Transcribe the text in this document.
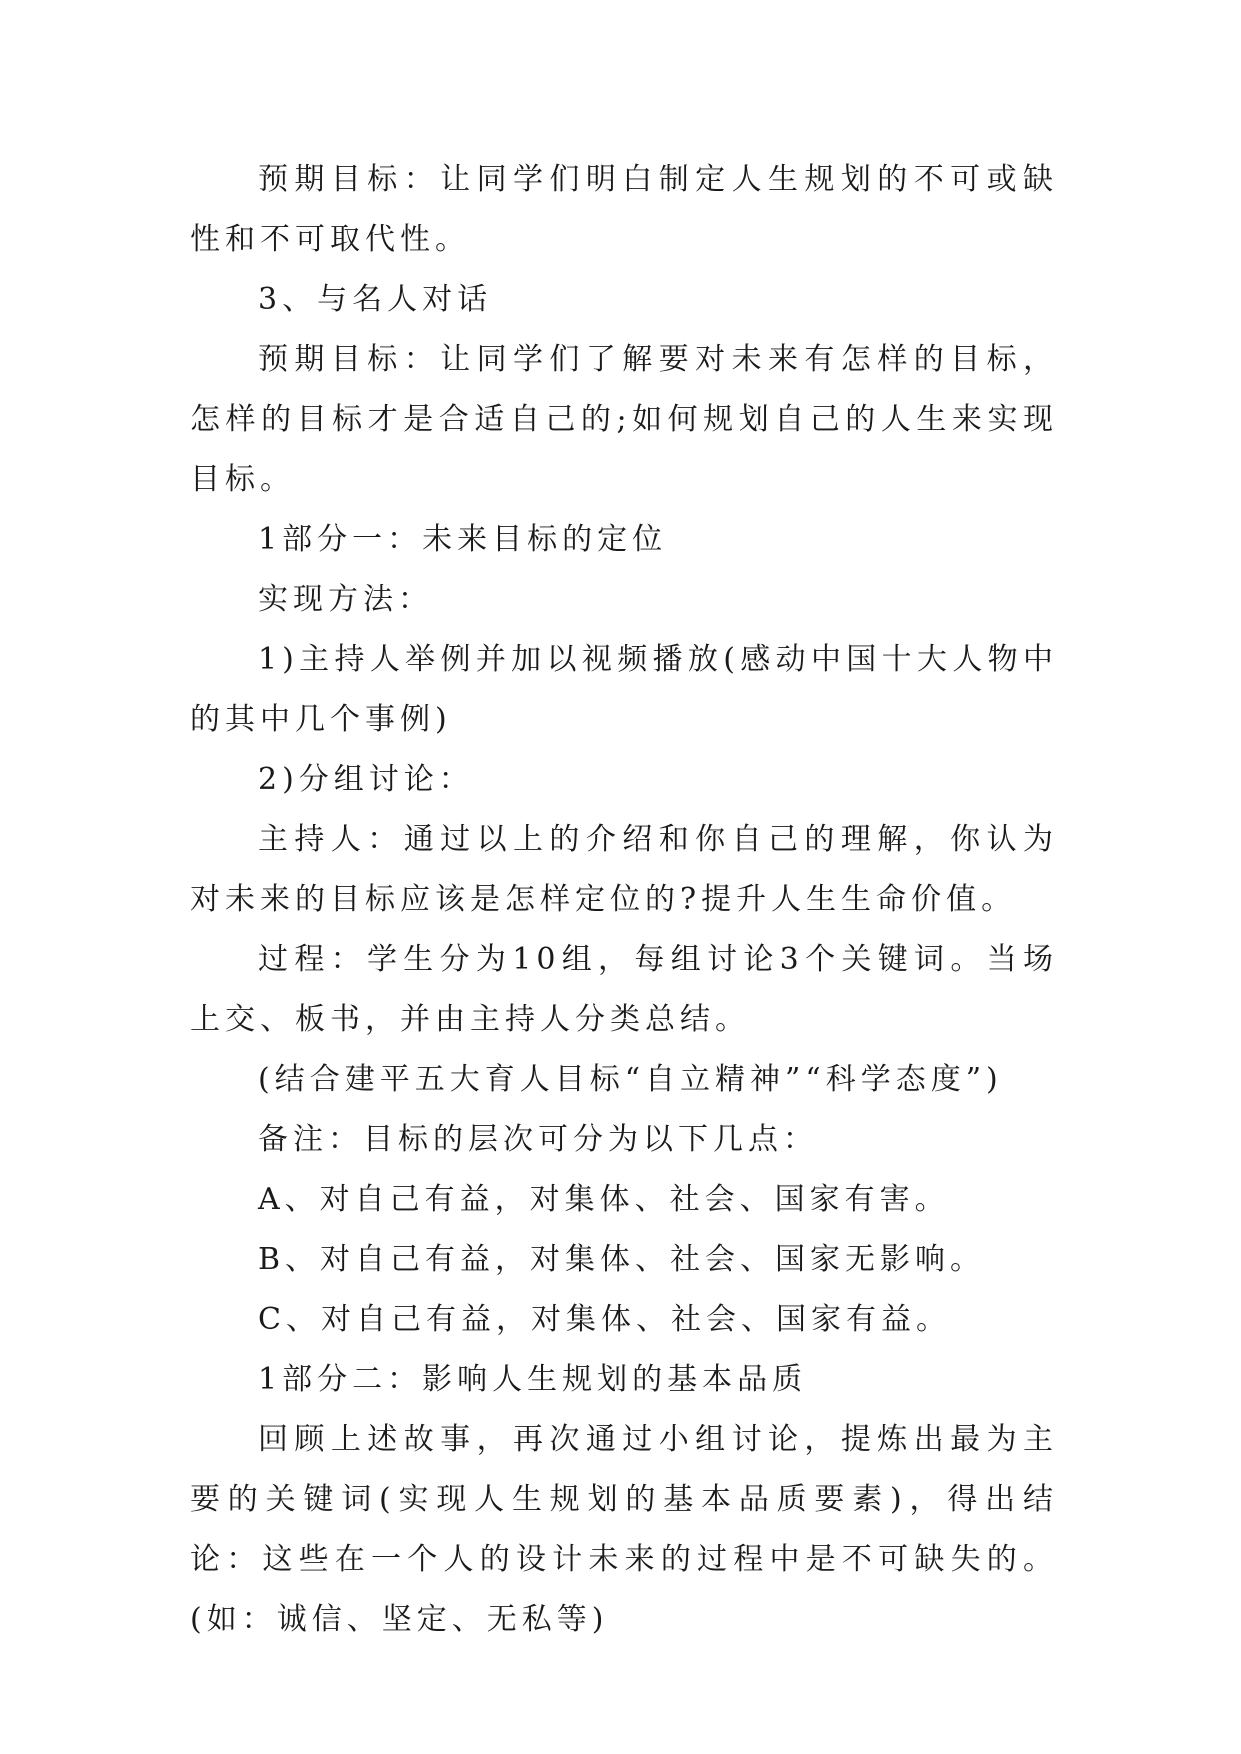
预期目标：让同学们明白制定人生规划的不可或缺性和不可取代性。

3、与名人对话

预期目标：让同学们了解要对未来有怎样的目标，怎样的目标才是合适自己的;如何规划自己的人生来实现目标。

1部分一：未来目标的定位

实现方法：

1)主持人举例并加以视频播放(感动中国十大人物中的其中几个事例)

2)分组讨论：

主持人：通过以上的介绍和你自己的理解，你认为对未来的目标应该是怎样定位的?提升人生生命价值。

过程：学生分为10组，每组讨论3个关键词。当场上交、板书，并由主持人分类总结。

(结合建平五大育人目标“自立精神”“科学态度”)

备注：目标的层次可分为以下几点：

A、对自己有益，对集体、社会、国家有害。

B、对自己有益，对集体、社会、国家无影响。

C、对自己有益，对集体、社会、国家有益。

1部分二：影响人生规划的基本品质

回顾上述故事，再次通过小组讨论，提炼出最为主要的关键词(实现人生规划的基本品质要素)，得出结论：这些在一个人的设计未来的过程中是不可缺失的。(如：诚信、坚定、无私等)
